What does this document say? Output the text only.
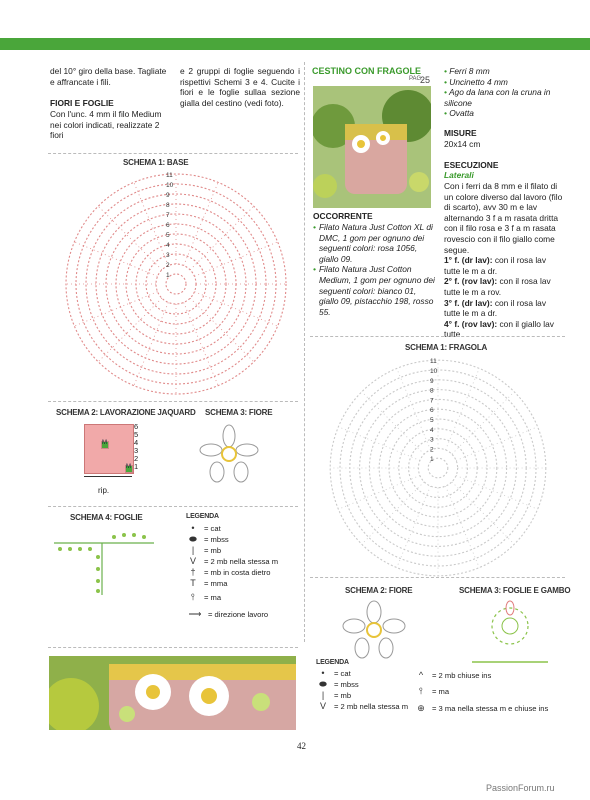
del 10° giro della base. Tagliate e affrancate i fili.
FIORI E FOGLIE
Con l'unc. 4 mm il filo Medium nei colori indicati, realizzate 2 fiori
e 2 gruppi di foglie seguendo i rispettivi Schemi 3 e 4. Cucite i fiori e le foglie sullaa sezione gialla del cestino (vedi foto).
CESTINO CON FRAGOLE
PAG.
25
OCCORRENTE
• Filato Natura Just Cotton XL di DMC, 1 gom per ognuno dei seguenti colori: rosa 1056, giallo 09.
• Filato Natura Just Cotton Medium, 1 gom per ognuno dei seguenti colori: bianco 01, giallo 09, pistacchio 198, rosso 55.
• Ferri 8 mm
• Uncinetto 4 mm
• Ago da lana con la cruna in silicone
• Ovatta
MISURE
20x14 cm
ESECUZIONE
Laterali
Con i ferri da 8 mm e il filato di un colore diverso dal lavoro (filo di scarto), avv 30 m e lav alternando 3 f a m rasata dritta con il filo rosa e 3 f a m rasata rovescio con il filo giallo come segue.
1° f. (dr lav): con il rosa lav tutte le m a dr.
2° f. (rov lav): con il rosa lav tutte le m a rov.
3° f. (dr lav): con il rosa lav tutte le m a dr.
4° f. (rov lav): con il giallo lav tutte
SCHEMA 1: BASE
11
10
9
8
7
6
5
4
3
2
1
SCHEMA 2: LAVORAZIONE JAQUARD
M
M
6
5
4
3
2
1
rip.
SCHEMA 3: FIORE
SCHEMA 4: FOGLIE	LEGENDA
•	= cat
⬬ = mbss
|	= mb
V	= 2 mb nella stessa m
†	= mb in costa dietro
T	= mma
⫯	= ma
⟶ = direzione lavoro
SCHEMA 1: FRAGOLA
11
10
9
8
7
6
5
4
3
2
1
SCHEMA 2: FIORE	SCHEMA 3: FOGLIE E GAMBO
LEGENDA
•	= cat
⬬ = mbss
|	= mb
V	= 2 mb nella stessa m
^	= 2 mb chiuse ins
⫯	= ma
⊕ = 3 ma nella stessa m e chiuse ins
42
PassionForum.ru
